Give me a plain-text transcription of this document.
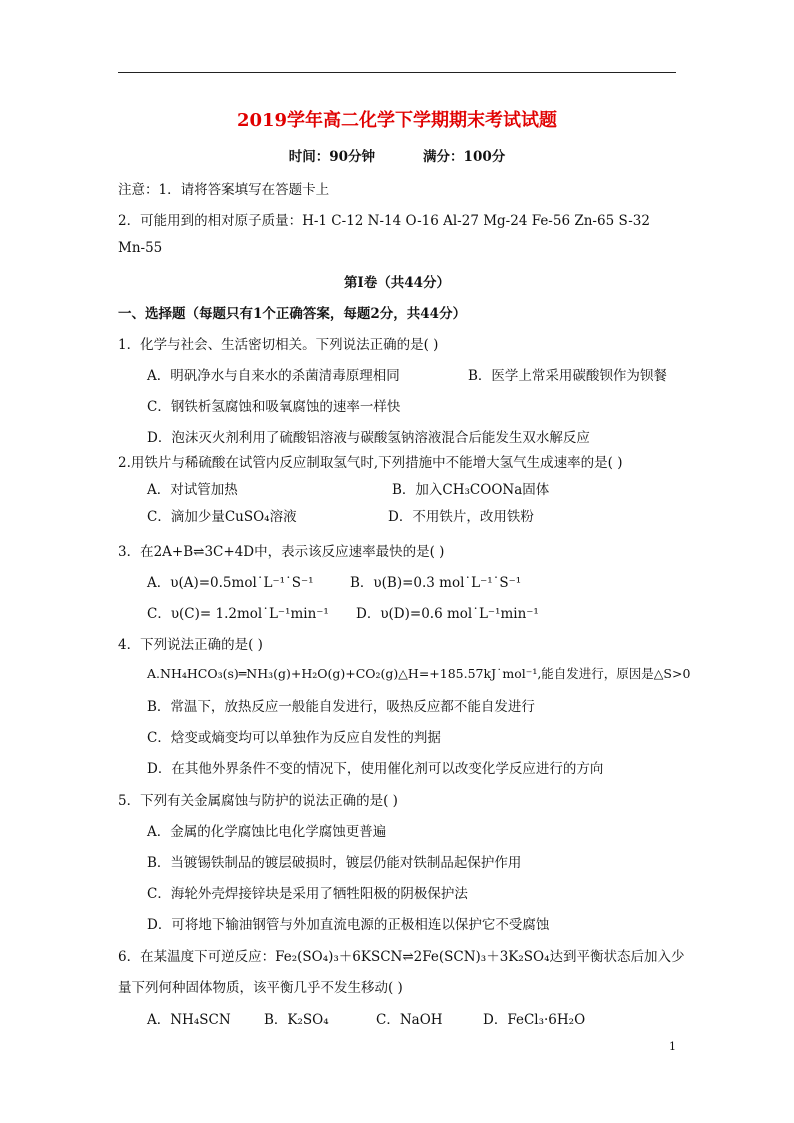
2019学年高二化学下学期期末考试试题
时间：90分钟	满分：100分
注意：1．请将答案填写在答题卡上
2．可能用到的相对原子质量：H-1 C-12 N-14 O-16 Al-27 Mg-24 Fe-56 Zn-65 S-32
Mn-55
第Ⅰ卷（共44分）
一、选择题（每题只有1个正确答案，每题2分，共44分）
1．化学与社会、生活密切相关。下列说法正确的是( )
A．明矾净水与自来水的杀菌清毒原理相同	B．医学上常采用碳酸钡作为钡餐
C．钢铁析氢腐蚀和吸氧腐蚀的速率一样快
D．泡沫灭火剂利用了硫酸铝溶液与碳酸氢钠溶液混合后能发生双水解反应
2.用铁片与稀硫酸在试管内反应制取氢气时,下列措施中不能增大氢气生成速率的是( )
A．对试管加热	B．加入CH₃COONa固体
C．滴加少量CuSO₄溶液	D．不用铁片，改用铁粉
3．在2A+B⇌3C+4D中，表示该反应速率最快的是( )
A．υ(A)=0.5mol˙L⁻¹˙S⁻¹	B．υ(B)=0.3 mol˙L⁻¹˙S⁻¹
C．υ(C)= 1.2mol˙L⁻¹min⁻¹ D．υ(D)=0.6 mol˙L⁻¹min⁻¹
4．下列说法正确的是( )
A.NH₄HCO₃(s)═NH₃(g)+H₂O(g)+CO₂(g)△H=+185.57kJ˙mol⁻¹,能自发进行，原因是△S>0
B．常温下，放热反应一般能自发进行，吸热反应都不能自发进行
C．焓变或熵变均可以单独作为反应自发性的判据
D．在其他外界条件不变的情况下，使用催化剂可以改变化学反应进行的方向
5．下列有关金属腐蚀与防护的说法正确的是( )
A．金属的化学腐蚀比电化学腐蚀更普遍
B．当镀锡铁制品的镀层破损时，镀层仍能对铁制品起保护作用
C．海轮外壳焊接锌块是采用了牺牲阳极的阴极保护法
D．可将地下输油钢管与外加直流电源的正极相连以保护它不受腐蚀
6．在某温度下可逆反应：Fe₂(SO₄)₃＋6KSCN⇌2Fe(SCN)₃＋3K₂SO₄达到平衡状态后加入少
量下列何种固体物质，该平衡几乎不发生移动( )
A．NH₄SCN B．K₂SO₄	C．NaOH	D．FeCl₃·6H₂O
1
